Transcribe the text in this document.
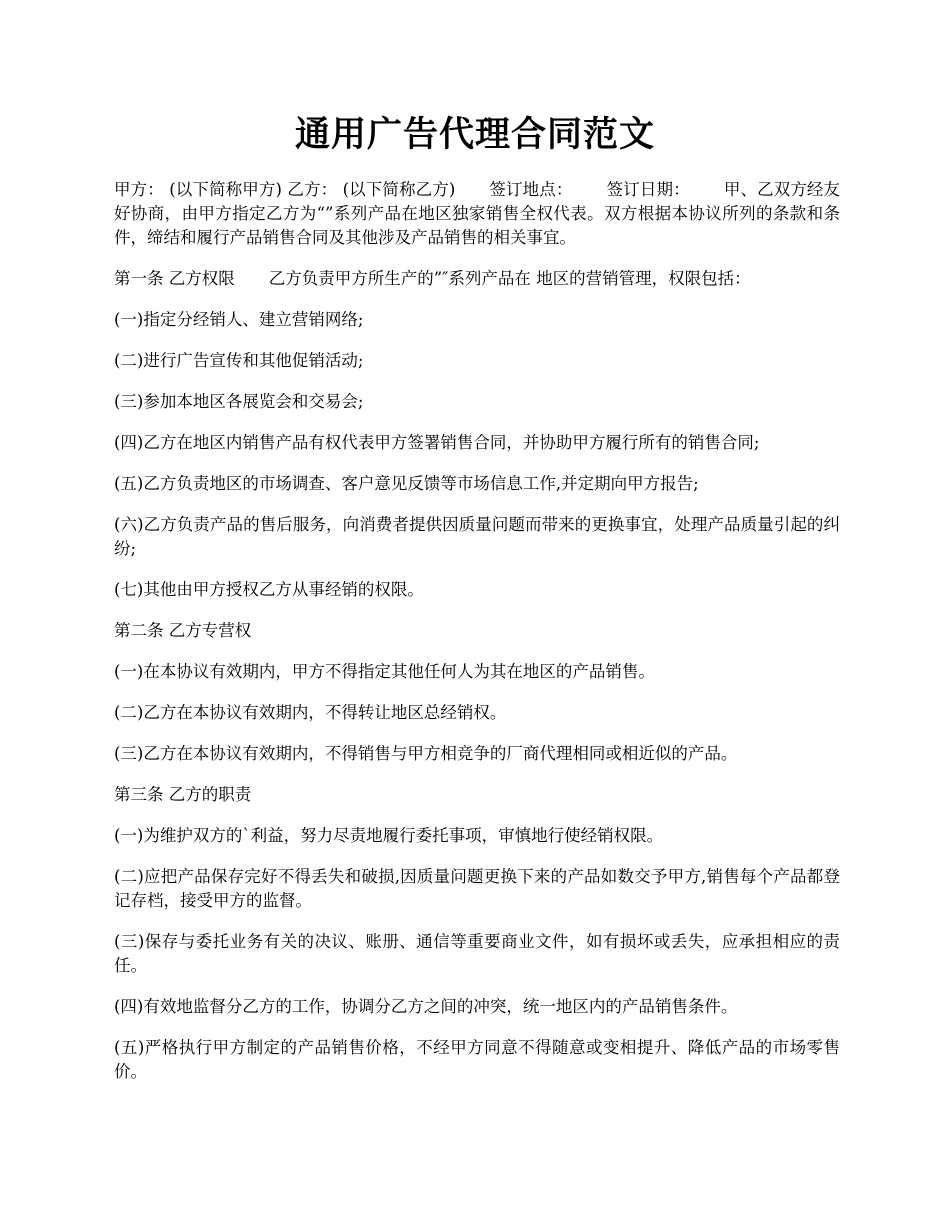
通用广告代理合同范文

甲方： (以下简称甲方) 乙方： (以下简称乙方) 签订地点： 签订日期： 甲、乙双方经友好协商，由甲方指定乙方为“”系列产品在地区独家销售全权代表。双方根据本协议所列的条款和条件，缔结和履行产品销售合同及其他涉及产品销售的相关事宜。

第一条 乙方权限 乙方负责甲方所生产的”″系列产品在 地区的营销管理，权限包括：

(一)指定分经销人、建立营销网络;

(二)进行广告宣传和其他促销活动;

(三)参加本地区各展览会和交易会;

(四)乙方在地区内销售产品有权代表甲方签署销售合同，并协助甲方履行所有的销售合同;

(五)乙方负责地区的市场调查、客户意见反馈等市场信息工作,并定期向甲方报告;

(六)乙方负责产品的售后服务，向消费者提供因质量问题而带来的更换事宜，处理产品质量引起的纠纷;

(七)其他由甲方授权乙方从事经销的权限。

第二条 乙方专营权

(一)在本协议有效期内，甲方不得指定其他任何人为其在地区的产品销售。

(二)乙方在本协议有效期内，不得转让地区总经销权。

(三)乙方在本协议有效期内，不得销售与甲方相竞争的厂商代理相同或相近似的产品。

第三条 乙方的职责

(一)为维护双方的`利益，努力尽责地履行委托事项，审慎地行使经销权限。

(二)应把产品保存完好不得丢失和破损,因质量问题更换下来的产品如数交予甲方,销售每个产品都登记存档，接受甲方的监督。

(三)保存与委托业务有关的决议、账册、通信等重要商业文件，如有损坏或丢失，应承担相应的责任。

(四)有效地监督分乙方的工作，协调分乙方之间的冲突，统一地区内的产品销售条件。

(五)严格执行甲方制定的产品销售价格，不经甲方同意不得随意或变相提升、降低产品的市场零售价。
